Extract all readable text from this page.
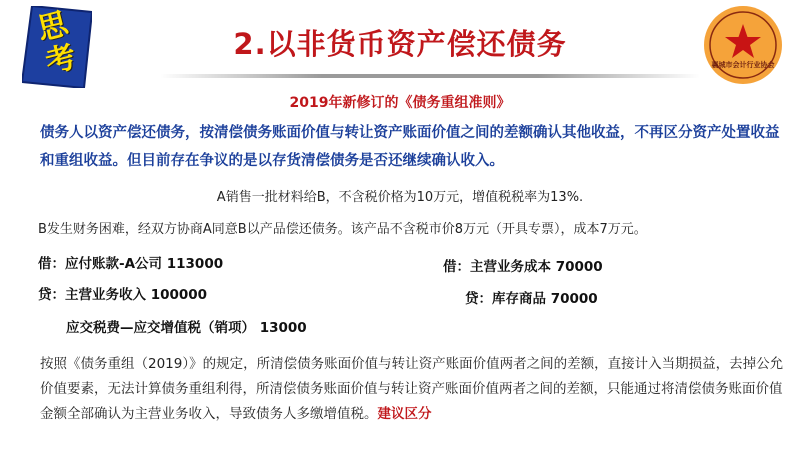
思
考	2.以非货币资产偿还债务
襄城市会计行业协会
2019年新修订的《债务重组准则》
债务人以资产偿还债务，按清偿债务账面价值与转让资产账面价值之间的差额确认其他收益，不再区分资产处置收益和重组收益。但目前存在争议的是以存货清偿债务是否还继续确认收入。
A销售一批材料给B，不含税价格为10万元，增值税税率为13%.
B发生财务困难，经双方协商A同意B以产品偿还债务。该产品不含税市价8万元（开具专票），成本7万元。
借：应付账款-A公司 113000
贷：主营业务收入 100000
应交税费—应交增值税（销项） 13000
借：主营业务成本 70000
贷：库存商品 70000
按照《债务重组（2019）》的规定，所清偿债务账面价值与转让资产账面价值两者之间的差额，直接计入当期损益，去掉公允价值要素，无法计算债务重组利得，所清偿债务账面价值与转让资产账面价值两者之间的差额，只能通过将清偿债务账面价值金额全部确认为主营业务收入，导致债务人多缴增值税。建议区分
